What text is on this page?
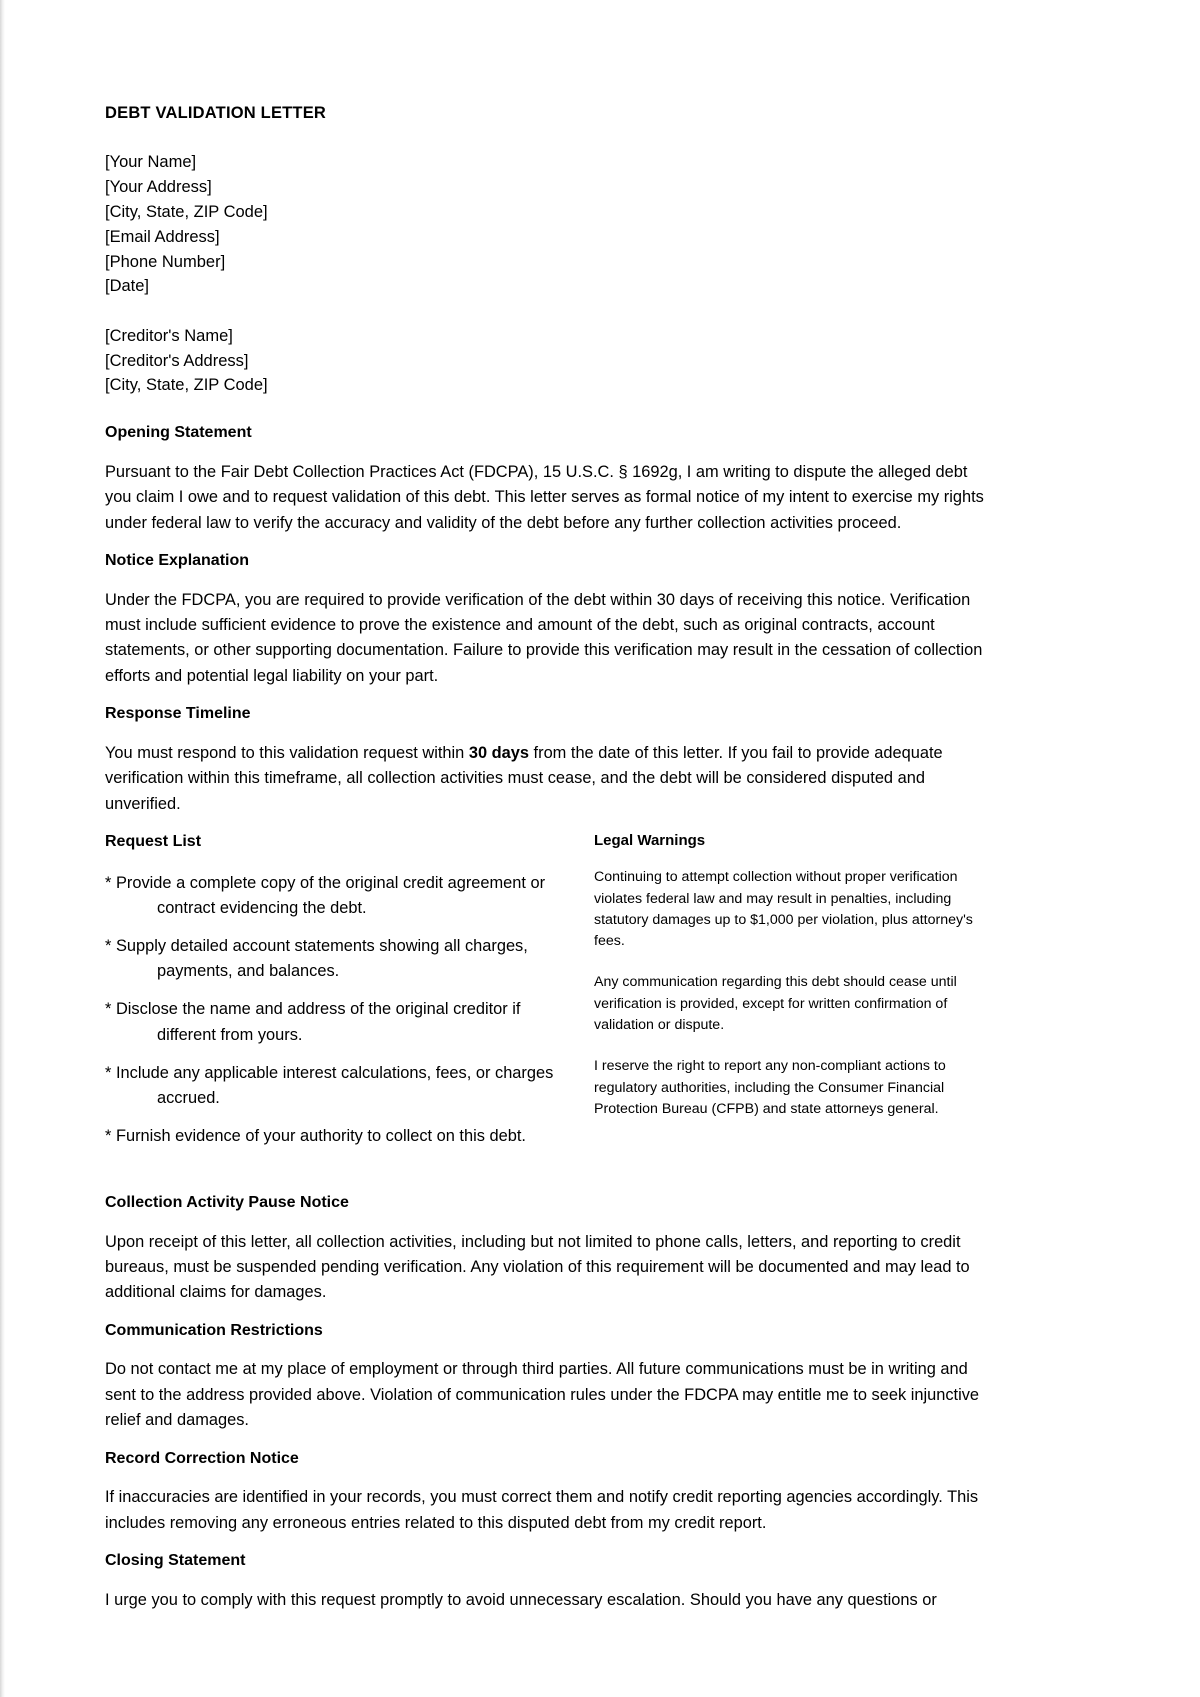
DEBT VALIDATION LETTER
[Your Name]
[Your Address]
[City, State, ZIP Code]
[Email Address]
[Phone Number]
[Date]
[Creditor's Name]
[Creditor's Address]
[City, State, ZIP Code]
Opening Statement

Pursuant to the Fair Debt Collection Practices Act (FDCPA), 15 U.S.C. § 1692g, I am writing to dispute the alleged debt you claim I owe and to request validation of this debt. This letter serves as formal notice of my intent to exercise my rights under federal law to verify the accuracy and validity of the debt before any further collection activities proceed.

Notice Explanation

Under the FDCPA, you are required to provide verification of the debt within 30 days of receiving this notice. Verification must include sufficient evidence to prove the existence and amount of the debt, such as original contracts, account statements, or other supporting documentation. Failure to provide this verification may result in the cessation of collection efforts and potential legal liability on your part.

Response Timeline

You must respond to this validation request within 30 days from the date of this letter. If you fail to provide adequate verification within this timeframe, all collection activities must cease, and the debt will be considered disputed and unverified.

Request List
* Provide a complete copy of the original credit agreement or contract evidencing the debt.
* Supply detailed account statements showing all charges, payments, and balances.
* Disclose the name and address of the original creditor if different from yours.
* Include any applicable interest calculations, fees, or charges accrued.
* Furnish evidence of your authority to collect on this debt.
Legal Warnings

Continuing to attempt collection without proper verification violates federal law and may result in penalties, including statutory damages up to $1,000 per violation, plus attorney's fees.

Any communication regarding this debt should cease until verification is provided, except for written confirmation of validation or dispute.

I reserve the right to report any non-compliant actions to regulatory authorities, including the Consumer Financial Protection Bureau (CFPB) and state attorneys general.

Collection Activity Pause Notice

Upon receipt of this letter, all collection activities, including but not limited to phone calls, letters, and reporting to credit bureaus, must be suspended pending verification. Any violation of this requirement will be documented and may lead to additional claims for damages.

Communication Restrictions

Do not contact me at my place of employment or through third parties. All future communications must be in writing and sent to the address provided above. Violation of communication rules under the FDCPA may entitle me to seek injunctive relief and damages.

Record Correction Notice

If inaccuracies are identified in your records, you must correct them and notify credit reporting agencies accordingly. This includes removing any erroneous entries related to this disputed debt from my credit report.

Closing Statement

I urge you to comply with this request promptly to avoid unnecessary escalation. Should you have any questions or
